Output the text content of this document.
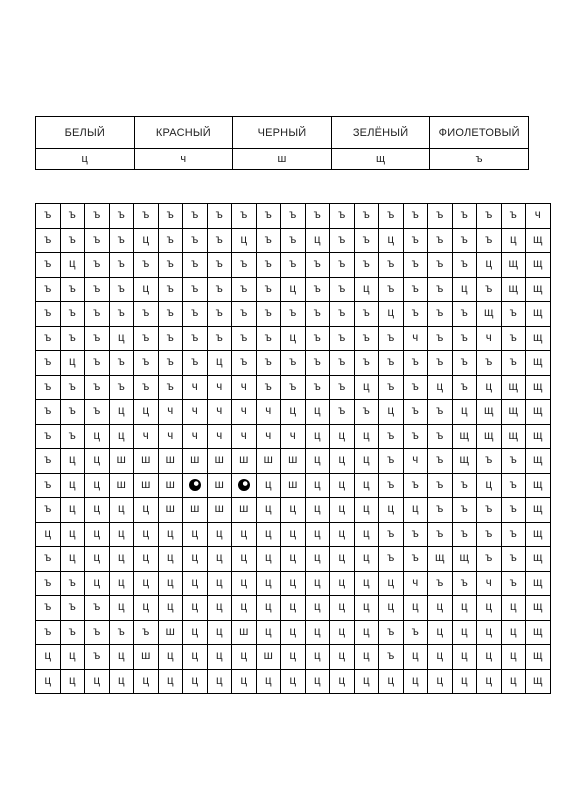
БЕЛЫЙ	КРАСНЫЙ	ЧЕРНЫЙ	ЗЕЛЁНЫЙ	ФИОЛЕТОВЫЙ
ц	ч	ш	щ	ъ
ъ	ъ	ъ	ъ	ъ	ъ	ъ	ъ	ъ	ъ	ъ	ъ	ъ	ъ	ъ	ъ	ъ	ъ	ъ	ъ	ч
ъ	ъ	ъ	ъ	ц	ъ	ъ	ъ	ц	ъ	ъ	ц	ъ	ъ	ц	ъ	ъ	ъ	ъ	ц	щ
ъ	ц	ъ	ъ	ъ	ъ	ъ	ъ	ъ	ъ	ъ	ъ	ъ	ъ	ъ	ъ	ъ	ъ	ц	щ	щ
ъ	ъ	ъ	ъ	ц	ъ	ъ	ъ	ъ	ъ	ц	ъ	ъ	ц	ъ	ъ	ъ	ц	ъ	щ	щ
ъ	ъ	ъ	ъ	ъ	ъ	ъ	ъ	ъ	ъ	ъ	ъ	ъ	ъ	ц	ъ	ъ	ъ	щ	ъ	щ
ъ	ъ	ъ	ц	ъ	ъ	ъ	ъ	ъ	ъ	ц	ъ	ъ	ъ	ъ	ч	ъ	ъ	ч	ъ	щ
ъ	ц	ъ	ъ	ъ	ъ	ъ	ц	ъ	ъ	ъ	ъ	ъ	ъ	ъ	ъ	ъ	ъ	ъ	ъ	щ
ъ	ъ	ъ	ъ	ъ	ъ	ч	ч	ч	ъ	ъ	ъ	ъ	ц	ъ	ъ	ц	ъ	ц	щ	щ
ъ	ъ	ъ	ц	ц	ч	ч	ч	ч	ч	ц	ц	ъ	ъ	ц	ъ	ъ	ц	щ	щ	щ
ъ	ъ	ц	ц	ч	ч	ч	ч	ч	ч	ч	ц	ц	ц	ъ	ъ	ъ	щ	щ	щ	щ
ъ	ц	ц	ш	ш	ш	ш	ш	ш	ш	ш	ц	ц	ц	ъ	ч	ъ	щ	ъ	ъ	щ
ъ	ц	ц	ш	ш	ш		ш		ц	ш	ц	ц	ц	ъ	ъ	ъ	ъ	ц	ъ	щ
ъ	ц	ц	ц	ц	ш	ш	ш	ш	ц	ц	ц	ц	ц	ц	ц	ъ	ъ	ъ	ъ	щ
ц	ц	ц	ц	ц	ц	ц	ц	ц	ц	ц	ц	ц	ц	ъ	ъ	ъ	ъ	ъ	ъ	щ
ъ	ц	ц	ц	ц	ц	ц	ц	ц	ц	ц	ц	ц	ц	ъ	ъ	щ	щ	ъ	ъ	щ
ъ	ъ	ц	ц	ц	ц	ц	ц	ц	ц	ц	ц	ц	ц	ц	ч	ъ	ъ	ч	ъ	щ
ъ	ъ	ъ	ц	ц	ц	ц	ц	ц	ц	ц	ц	ц	ц	ц	ц	ц	ц	ц	ц	щ
ъ	ъ	ъ	ъ	ъ	ш	ц	ц	ш	ц	ц	ц	ц	ц	ъ	ъ	ц	ц	ц	ц	щ
ц	ц	ъ	ц	ш	ц	ц	ц	ц	ш	ц	ц	ц	ц	ъ	ц	ц	ц	ц	ц	щ
ц	ц	ц	ц	ц	ц	ц	ц	ц	ц	ц	ц	ц	ц	ц	ц	ц	ц	ц	ц	щ
